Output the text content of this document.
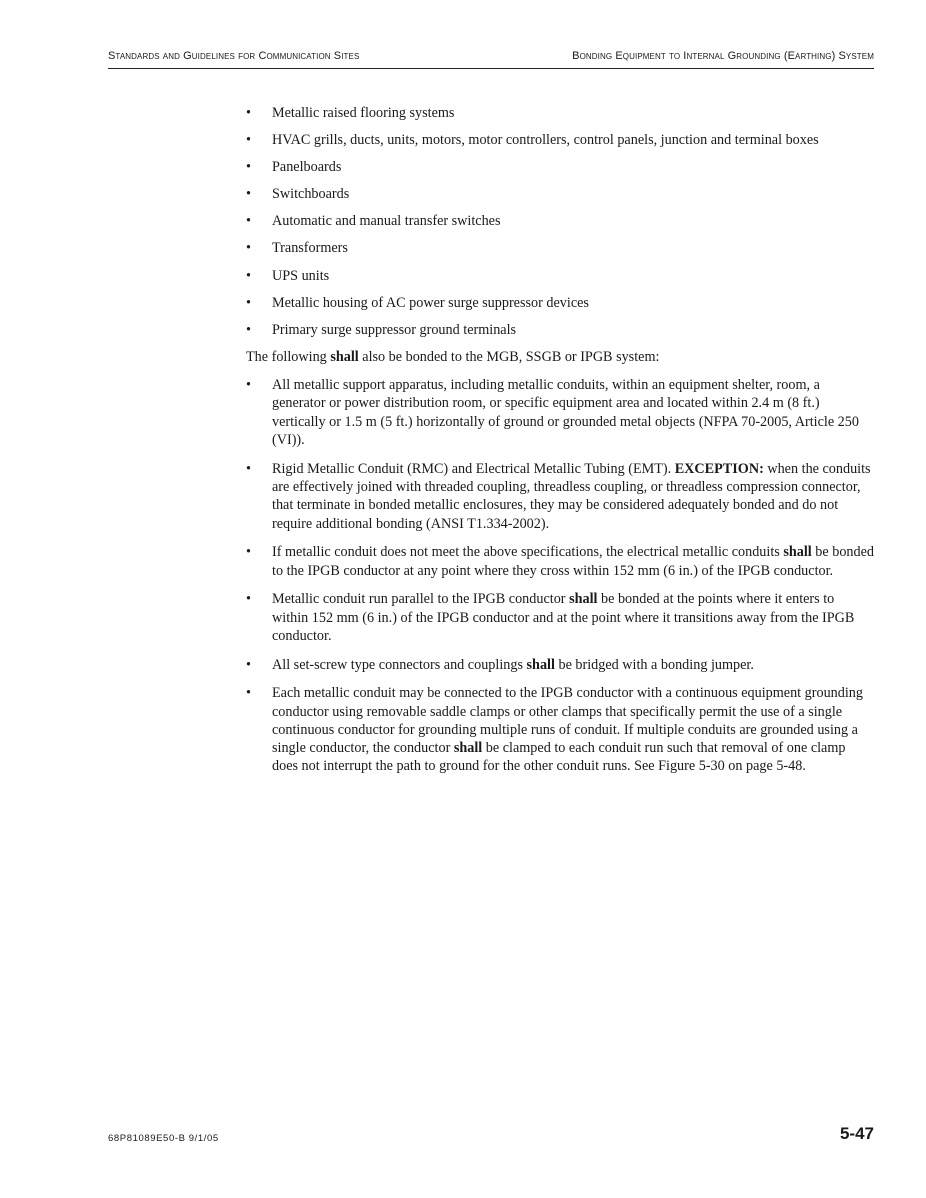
Standards and Guidelines for Communication Sites	Bonding Equipment to Internal Grounding (Earthing) System
•	Metallic raised flooring systems
•	HVAC grills, ducts, units, motors, motor controllers, control panels, junction and terminal boxes
•	Panelboards
•	Switchboards
•	Automatic and manual transfer switches
•	Transformers
•	UPS units
•	Metallic housing of AC power surge suppressor devices
•	Primary surge suppressor ground terminals

The following shall also be bonded to the MGB, SSGB or IPGB system:

•	All metallic support apparatus, including metallic conduits, within an equipment shelter, room, a generator or power distribution room, or specific equipment area and located within 2.4 m (8 ft.) vertically or 1.5 m (5 ft.) horizontally of ground or grounded metal objects (NFPA 70-2005, Article 250 (VI)).
•	Rigid Metallic Conduit (RMC) and Electrical Metallic Tubing (EMT). EXCEPTION: when the conduits are effectively joined with threaded coupling, threadless coupling, or threadless compression connector, that terminate in bonded metallic enclosures, they may be considered adequately bonded and do not require additional bonding (ANSI T1.334-2002).
•	If metallic conduit does not meet the above specifications, the electrical metallic conduits shall be bonded to the IPGB conductor at any point where they cross within 152 mm (6 in.) of the IPGB conductor.
•	Metallic conduit run parallel to the IPGB conductor shall be bonded at the points where it enters to within 152 mm (6 in.) of the IPGB conductor and at the point where it transitions away from the IPGB conductor.
•	All set-screw type connectors and couplings shall be bridged with a bonding jumper.
•	Each metallic conduit may be connected to the IPGB conductor with a continuous equipment grounding conductor using removable saddle clamps or other clamps that specifically permit the use of a single continuous conductor for grounding multiple runs of conduit. If multiple conduits are grounded using a single conductor, the conductor shall be clamped to each conduit run such that removal of one clamp does not interrupt the path to ground for the other conduit runs. See Figure 5-30 on page 5-48.
68P81089E50-B 9/1/05	5-47
